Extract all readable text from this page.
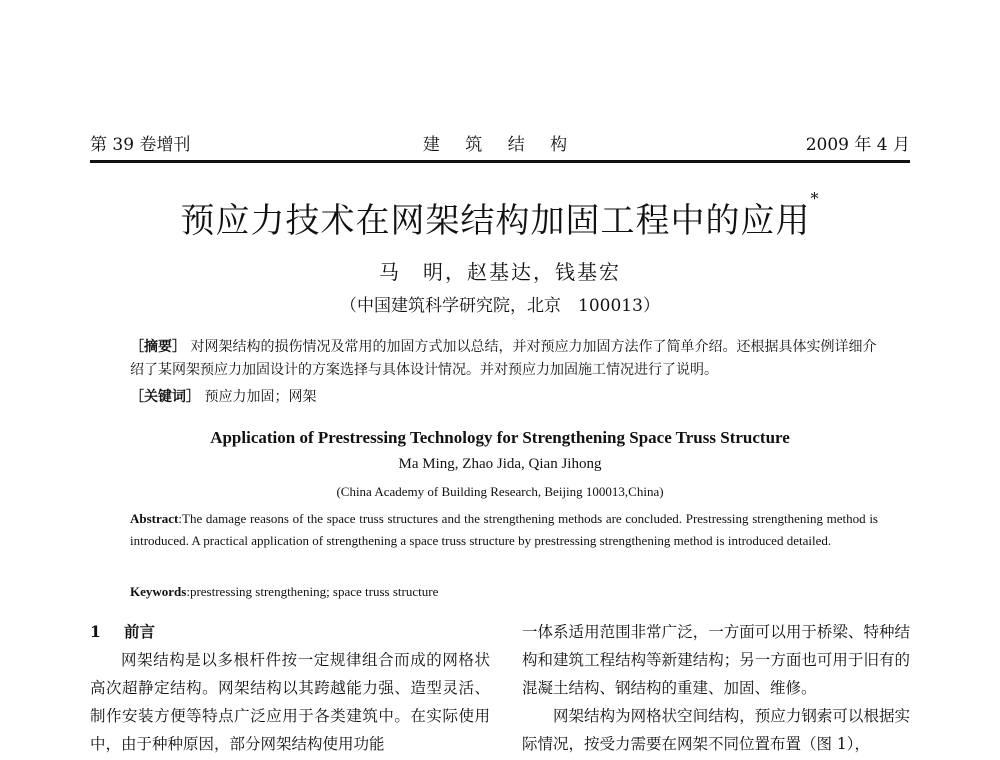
第 39 卷增刊	建 筑 结 构	2009 年 4 月
预应力技术在网架结构加固工程中的应用*
马　明，赵基达，钱基宏
（中国建筑科学研究院，北京　100013）
［摘要］ 对网架结构的损伤情况及常用的加固方式加以总结，并对预应力加固方法作了简单介绍。还根据具体实例详细介绍了某网架预应力加固设计的方案选择与具体设计情况。并对预应力加固施工情况进行了说明。
［关键词］ 预应力加固；网架
Application of Prestressing Technology for Strengthening Space Truss Structure
Ma Ming, Zhao Jida, Qian Jihong
(China Academy of Building Research, Beijing 100013,China)
Abstract:The damage reasons of the space truss structures and the strengthening methods are concluded. Prestressing strengthening method is introduced. A practical application of strengthening a space truss structure by prestressing strengthening method is introduced detailed.
Keywords:prestressing strengthening; space truss structure

1 前言

网架结构是以多根杆件按一定规律组合而成的网格状高次超静定结构。网架结构以其跨越能力强、造型灵活、制作安装方便等特点广泛应用于各类建筑中。在实际使用中，由于种种原因，部分网架结构使用功能

一体系适用范围非常广泛，一方面可以用于桥梁、特种结构和建筑工程结构等新建结构；另一方面也可用于旧有的混凝土结构、钢结构的重建、加固、维修。

网架结构为网格状空间结构，预应力钢索可以根据实际情况，按受力需要在网架不同位置布置（图 1），
